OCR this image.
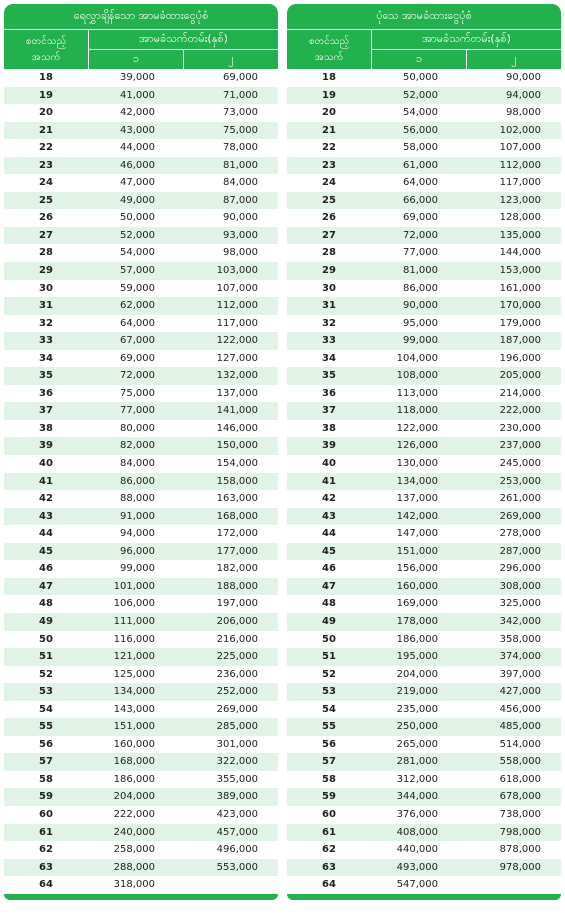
ရေလွှာချိန်သော အာမခံထားငွေပုံစံ
စတင်သည့်
အသက်
အာမခံသက်တမ်း(နှစ်)
၁	၂
18	39,000	69,000
19	41,000	71,000
20	42,000	73,000
21	43,000	75,000
22	44,000	78,000
23	46,000	81,000
24	47,000	84,000
25	49,000	87,000
26	50,000	90,000
27	52,000	93,000
28	54,000	98,000
29	57,000	103,000
30	59,000	107,000
31	62,000	112,000
32	64,000	117,000
33	67,000	122,000
34	69,000	127,000
35	72,000	132,000
36	75,000	137,000
37	77,000	141,000
38	80,000	146,000
39	82,000	150,000
40	84,000	154,000
41	86,000	158,000
42	88,000	163,000
43	91,000	168,000
44	94,000	172,000
45	96,000	177,000
46	99,000	182,000
47	101,000	188,000
48	106,000	197,000
49	111,000	206,000
50	116,000	216,000
51	121,000	225,000
52	125,000	236,000
53	134,000	252,000
54	143,000	269,000
55	151,000	285,000
56	160,000	301,000
57	168,000	322,000
58	186,000	355,000
59	204,000	389,000
60	222,000	423,000
61	240,000	457,000
62	258,000	496,000
63	288,000	553,000
64	318,000
ပုံသေ အာမခံထားငွေပုံစံ
စတင်သည့်
အသက်
အာမခံသက်တမ်း(နှစ်)
၁	၂
18	50,000	90,000
19	52,000	94,000
20	54,000	98,000
21	56,000	102,000
22	58,000	107,000
23	61,000	112,000
24	64,000	117,000
25	66,000	123,000
26	69,000	128,000
27	72,000	135,000
28	77,000	144,000
29	81,000	153,000
30	86,000	161,000
31	90,000	170,000
32	95,000	179,000
33	99,000	187,000
34	104,000	196,000
35	108,000	205,000
36	113,000	214,000
37	118,000	222,000
38	122,000	230,000
39	126,000	237,000
40	130,000	245,000
41	134,000	253,000
42	137,000	261,000
43	142,000	269,000
44	147,000	278,000
45	151,000	287,000
46	156,000	296,000
47	160,000	308,000
48	169,000	325,000
49	178,000	342,000
50	186,000	358,000
51	195,000	374,000
52	204,000	397,000
53	219,000	427,000
54	235,000	456,000
55	250,000	485,000
56	265,000	514,000
57	281,000	558,000
58	312,000	618,000
59	344,000	678,000
60	376,000	738,000
61	408,000	798,000
62	440,000	878,000
63	493,000	978,000
64	547,000
